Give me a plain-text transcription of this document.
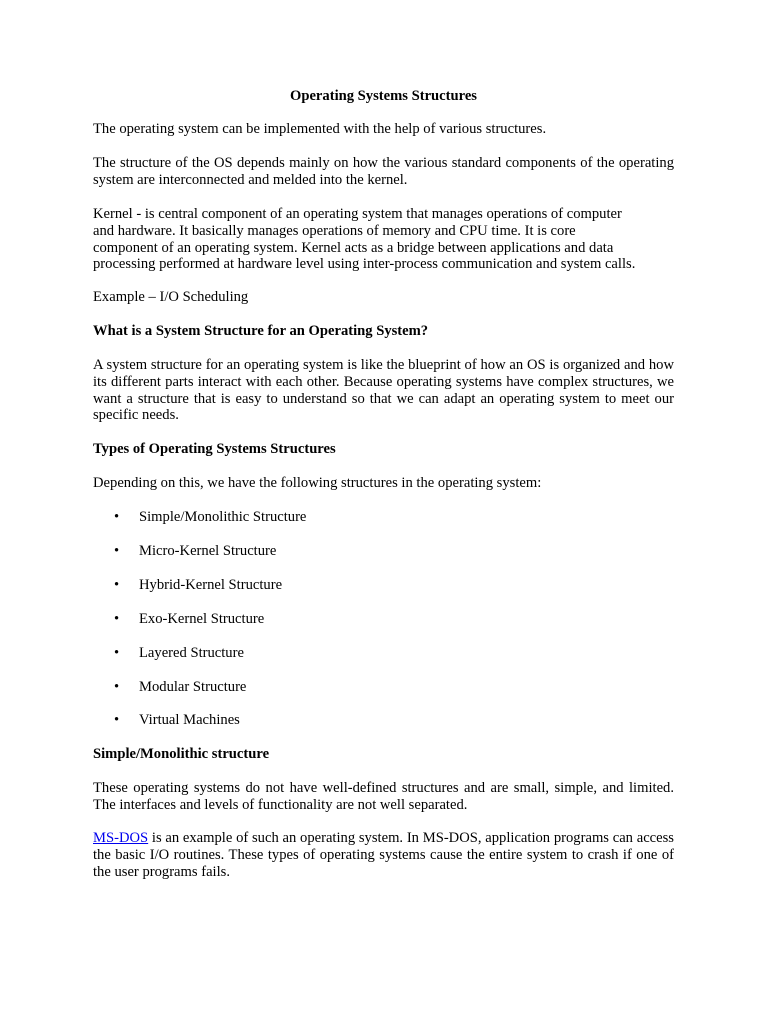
Operating Systems Structures

The operating system can be implemented with the help of various structures.

The structure of the OS depends mainly on how the various standard components of the operating system are interconnected and melded into the kernel.

Kernel - is central component of an operating system that manages operations of computer
and hardware. It basically manages operations of memory and CPU time. It is core
component of an operating system. Kernel acts as a bridge between applications and data
processing performed at hardware level using inter-process communication and system calls.

Example – I/O Scheduling

What is a System Structure for an Operating System?

A system structure for an operating system is like the blueprint of how an OS is organized and how its different parts interact with each other. Because operating systems have complex structures, we want a structure that is easy to understand so that we can adapt an operating system to meet our specific needs.

Types of Operating Systems Structures

Depending on this, we have the following structures in the operating system:

•	Simple/Monolithic Structure
•	Micro-Kernel Structure
•	Hybrid-Kernel Structure
•	Exo-Kernel Structure
•	Layered Structure
•	Modular Structure
•	Virtual Machines

Simple/Monolithic structure

These operating systems do not have well-defined structures and are small, simple, and limited. The interfaces and levels of functionality are not well separated.

MS-DOS is an example of such an operating system. In MS-DOS, application programs can access the basic I/O routines. These types of operating systems cause the entire system to crash if one of the user programs fails.
